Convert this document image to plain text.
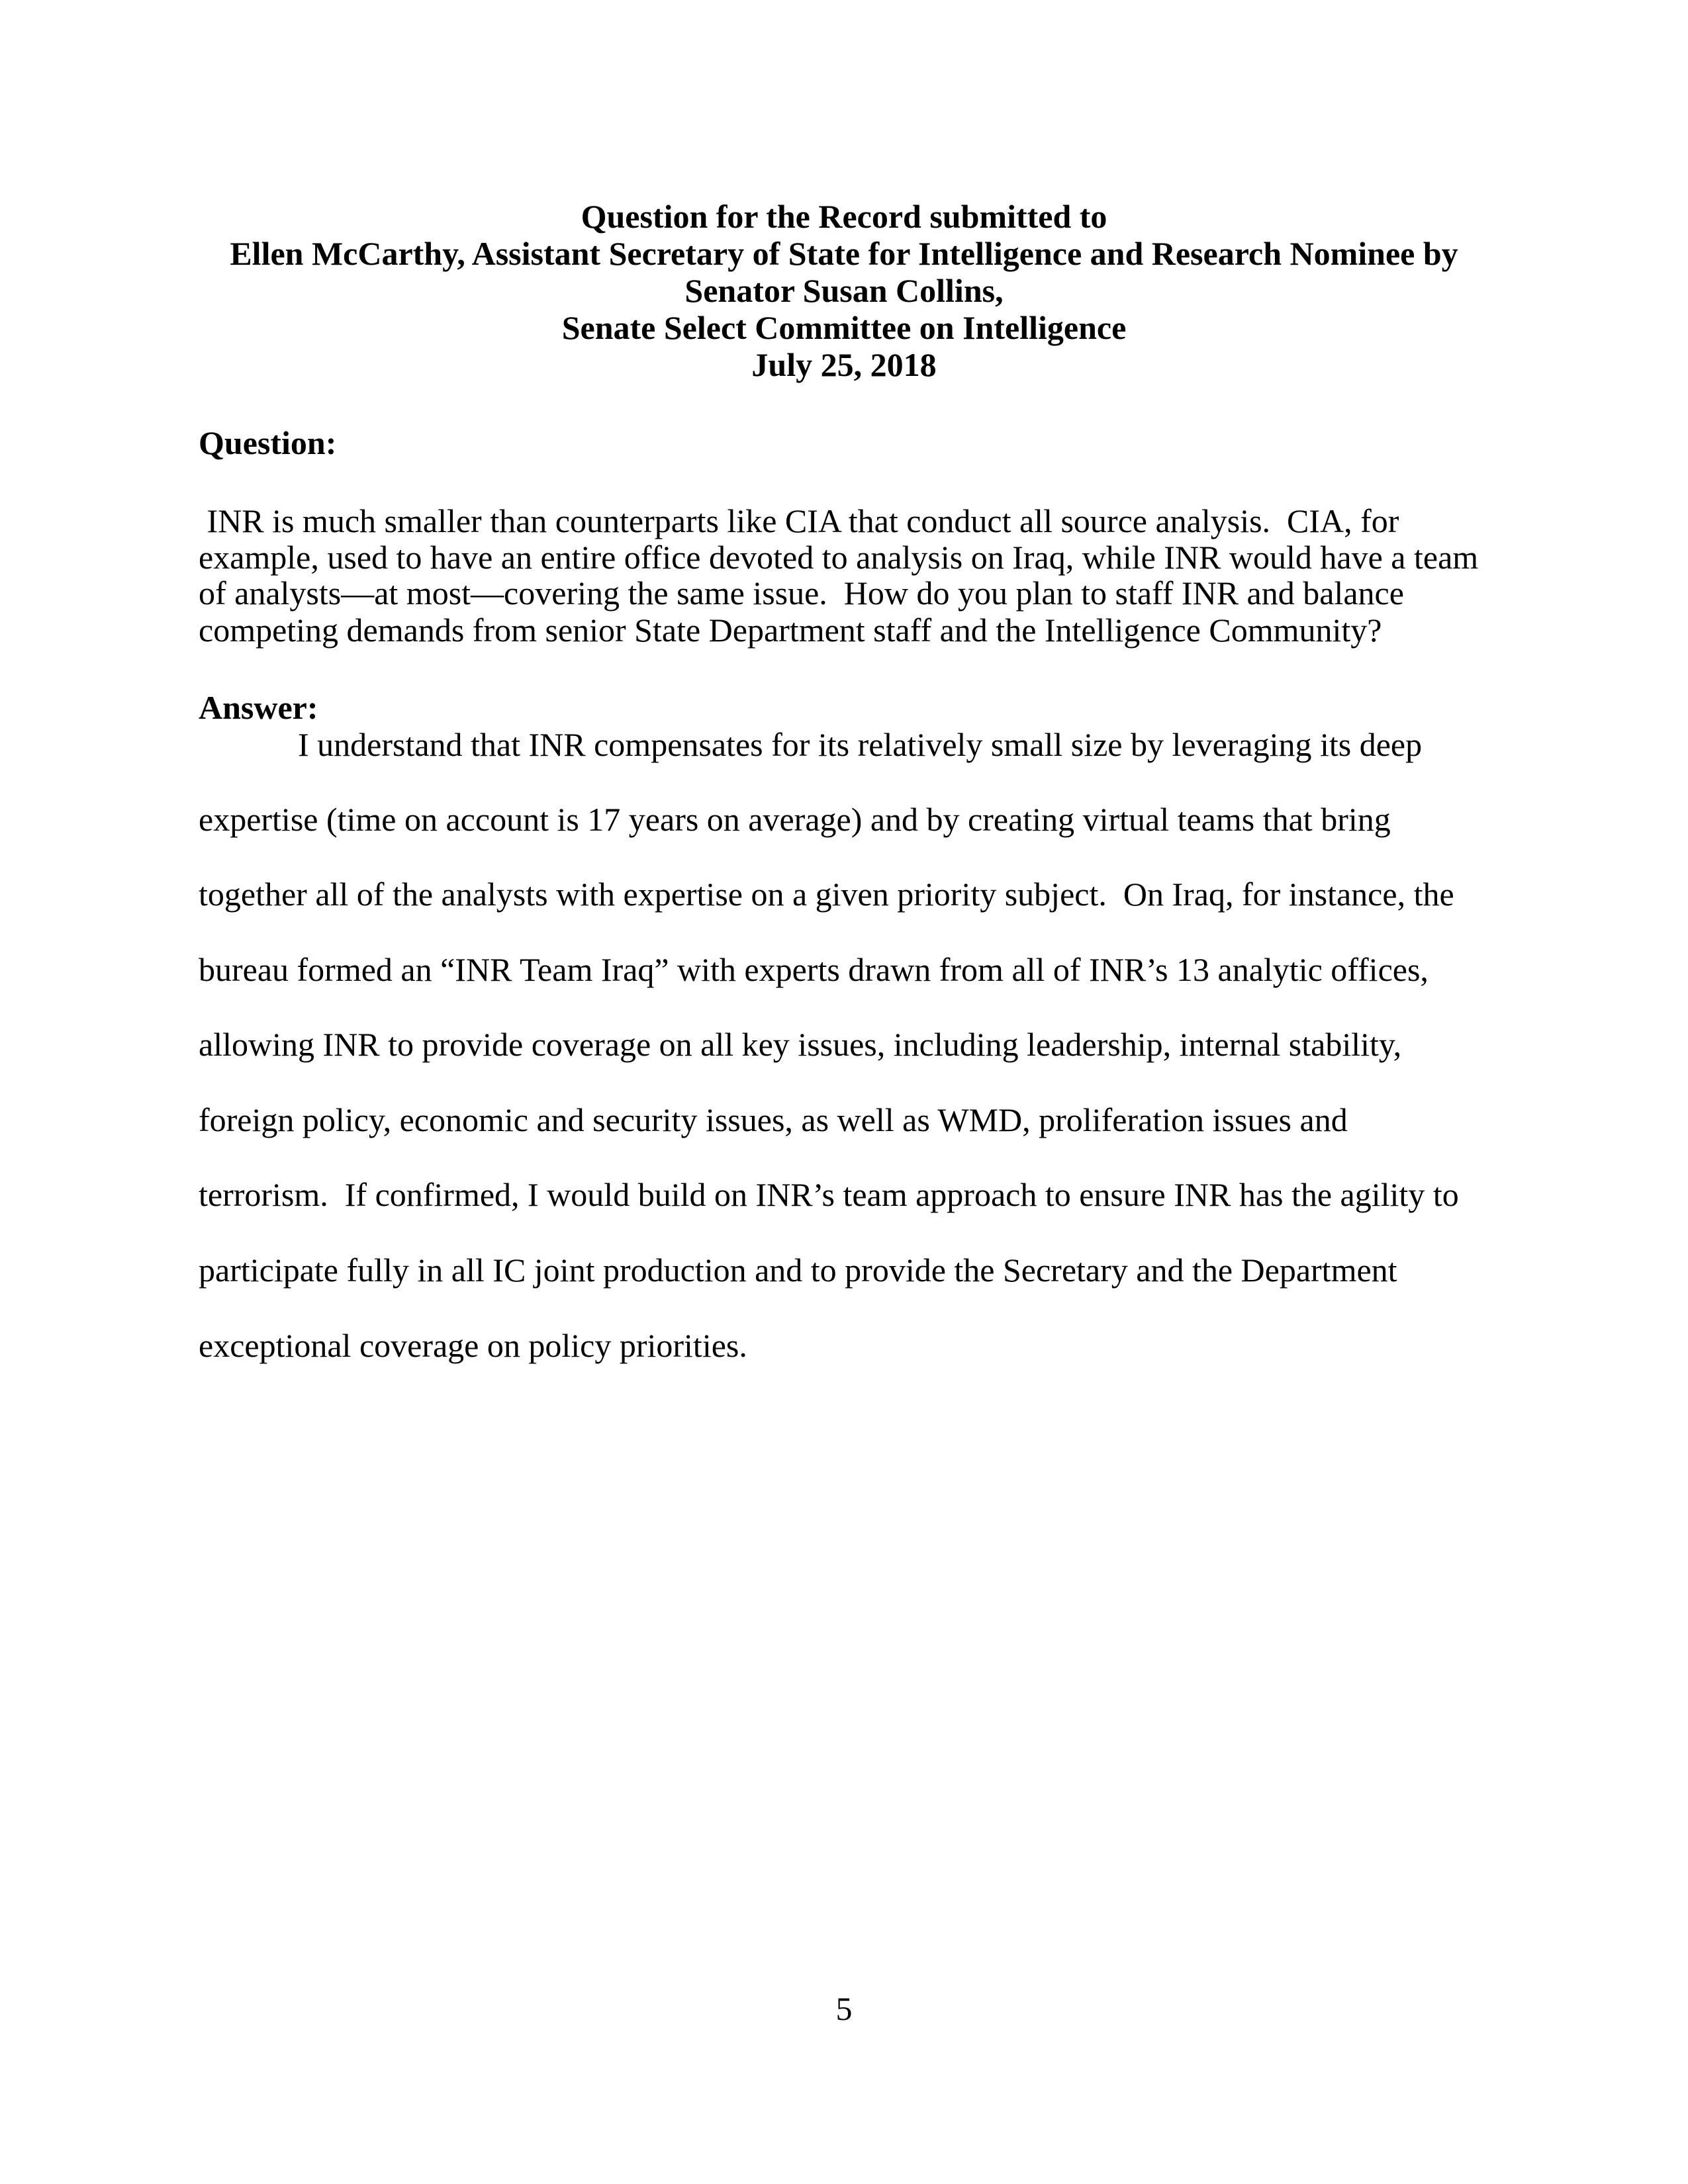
Question for the Record submitted to
Ellen McCarthy, Assistant Secretary of State for Intelligence and Research Nominee by
Senator Susan Collins,
Senate Select Committee on Intelligence
July 25, 2018
Question:
INR is much smaller than counterparts like CIA that conduct all source analysis.  CIA, for
example, used to have an entire office devoted to analysis on Iraq, while INR would have a team
of analysts—at most—covering the same issue.  How do you plan to staff INR and balance
competing demands from senior State Department staff and the Intelligence Community?
Answer:
I understand that INR compensates for its relatively small size by leveraging its deep
expertise (time on account is 17 years on average) and by creating virtual teams that bring
together all of the analysts with expertise on a given priority subject.  On Iraq, for instance, the
bureau formed an “INR Team Iraq” with experts drawn from all of INR’s 13 analytic offices,
allowing INR to provide coverage on all key issues, including leadership, internal stability,
foreign policy, economic and security issues, as well as WMD, proliferation issues and
terrorism.  If confirmed, I would build on INR’s team approach to ensure INR has the agility to
participate fully in all IC joint production and to provide the Secretary and the Department
exceptional coverage on policy priorities.
5
